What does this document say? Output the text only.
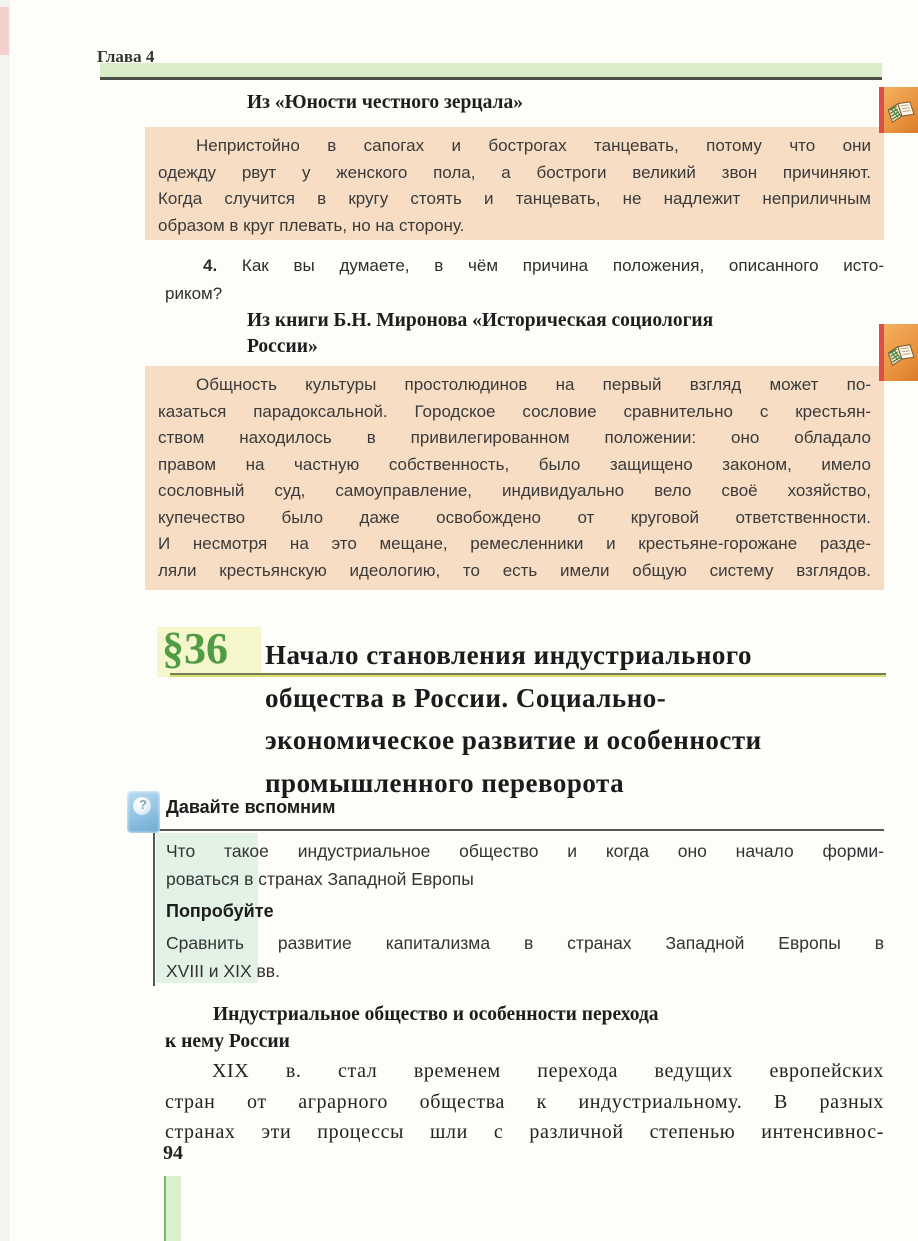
Глава 4
Из «Юности честного зерцала»
Непристойно в сапогах и бострогах танцевать, потому что они
одежду рвут у женского пола, а бостроги великий звон причиняют.
Когда случится в кругу стоять и танцевать, не надлежит неприличным
образом в круг плевать, но на сторону.
4. Как вы думаете, в чём причина положения, описанного исто-
риком?
Из книги Б.Н. Миронова «Историческая социология
России»
Общность культуры простолюдинов на первый взгляд может по-
казаться парадоксальной. Городское сословие сравнительно с крестьян-
ством находилось в привилегированном положении: оно обладало
правом на частную собственность, было защищено законом, имело
сословный суд, самоуправление, индивидуально вело своё хозяйство,
купечество было даже освобождено от круговой ответственности.
И несмотря на это мещане, ремесленники и крестьяне-горожане разде-
ляли крестьянскую идеологию, то есть имели общую систему взглядов.
§36 Начало становления индустриального
общества в России. Социально-
экономическое развитие и особенности
промышленного переворота
? Давайте вспомним
Что такое индустриальное общество и когда оно начало форми-
роваться в странах Западной Европы
Попробуйте
Сравнить развитие капитализма в странах Западной Европы в
XVIII и XIX вв.
Индустриальное общество и особенности перехода
к нему России
XIX в. стал временем перехода ведущих европейских
стран от аграрного общества к индустриальному. В разных
странах эти процессы шли с различной степенью интенсивнос-
94
